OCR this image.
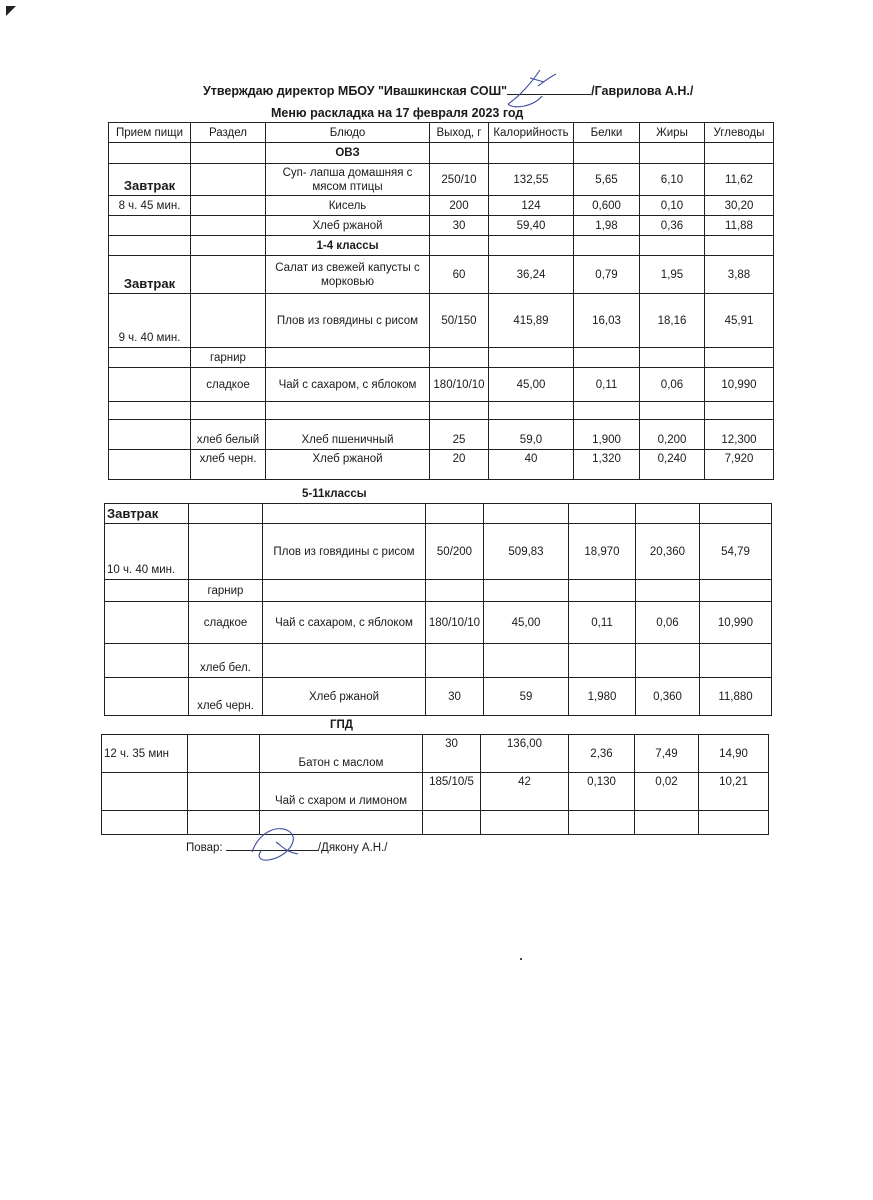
Утверждаю директор МБОУ "Ивашкинская СОШ"	/Гаврилова А.Н./
Меню раскладка на 17 февраля 2023 год
Прием пищи	Раздел	Блюдо	Выход, г	Калорийность	Белки	Жиры	Углеводы
		ОВЗ					
Завтрак		Суп- лапша домашняя с мясом птицы	250/10	132,55	5,65	6,10	11,62
8 ч. 45 мин.		Кисель	200	124	0,600	0,10	30,20
		Хлеб ржаной	30	59,40	1,98	0,36	11,88
		1-4 классы					
Завтрак		Салат из свежей капусты с морковью	60	36,24	0,79	1,95	3,88
9 ч. 40 мин.		Плов из говядины с рисом	50/150	415,89	16,03	18,16	45,91
	гарнир						
	сладкое	Чай с сахаром, с яблоком	180/10/10	45,00	0,11	0,06	10,990

	хлеб белый	Хлеб пшеничный	25	59,0	1,900	0,200	12,300
	хлеб черн.	Хлеб ржаной	20	40	1,320	0,240	7,920
5-11классы
Завтрак							
10 ч. 40 мин.		Плов из говядины с рисом	50/200	509,83	18,970	20,360	54,79
	гарнир						
	сладкое	Чай с сахаром, с яблоком	180/10/10	45,00	0,11	0,06	10,990
	хлеб бел.						
	хлеб черн.	Хлеб ржаной	30	59	1,980	0,360	11,880
ГПД
12 ч. 35 мин		Батон с маслом	30	136,00	2,36	7,49	14,90
		Чай с схаром и лимоном	185/10/5	42	0,130	0,02	10,21

Повар:	/Дякону А.Н./
